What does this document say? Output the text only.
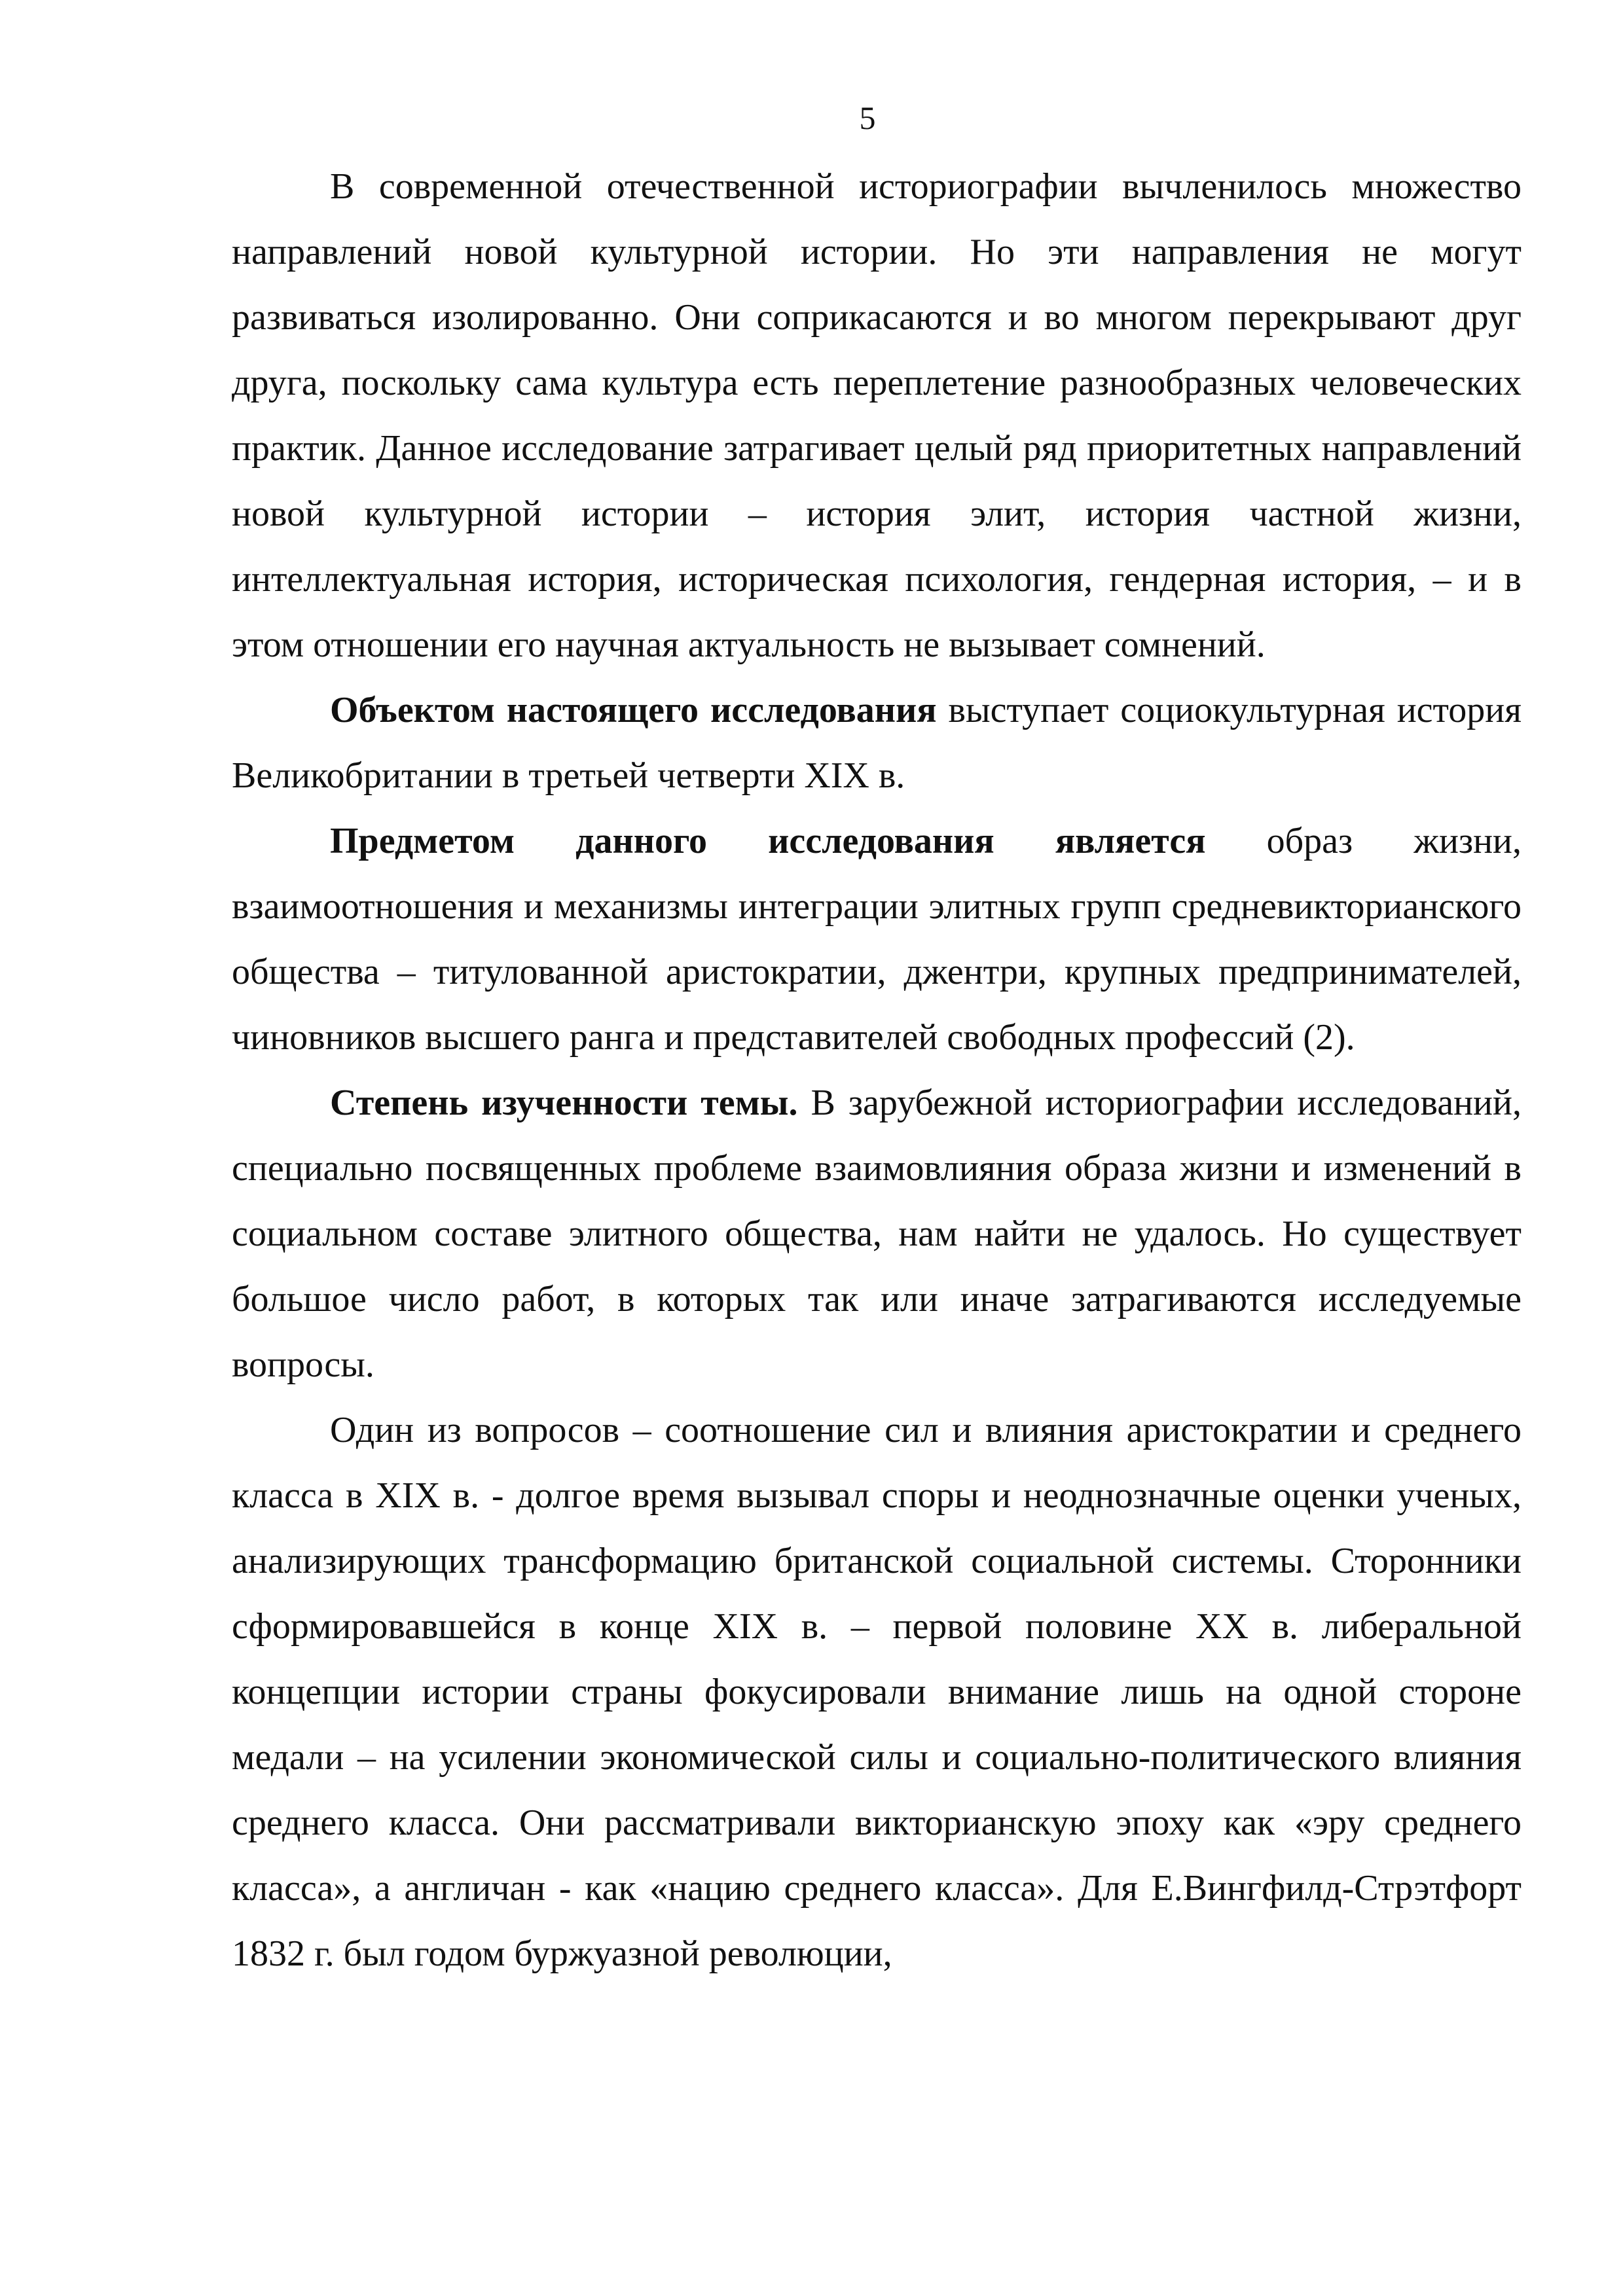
5

В современной отечественной историографии вычленилось множество направлений новой культурной истории. Но эти направления не могут развиваться изолированно. Они соприкасаются и во многом перекрывают друг друга, поскольку сама культура есть переплетение разнообразных человеческих практик. Данное исследование затрагивает целый ряд приоритетных направлений новой культурной истории – история элит, история частной жизни, интеллектуальная история, историческая психология, гендерная история, – и в этом отношении его научная актуальность не вызывает сомнений.

Объектом настоящего исследования выступает социокультурная история Великобритании в третьей четверти XIX в.

Предметом данного исследования является образ жизни, взаимоотношения и механизмы интеграции элитных групп средневикторианского общества – титулованной аристократии, джентри, крупных предпринимателей, чиновников высшего ранга и представителей свободных профессий (2).

Степень изученности темы. В зарубежной историографии исследований, специально посвященных проблеме взаимовлияния образа жизни и изменений в социальном составе элитного общества, нам найти не удалось. Но существует большое число работ, в которых так или иначе затрагиваются исследуемые вопросы.

Один из вопросов – соотношение сил и влияния аристократии и среднего класса в XIX в. - долгое время вызывал споры и неоднозначные оценки ученых, анализирующих трансформацию британской социальной системы. Сторонники сформировавшейся в конце XIX в. – первой половине XX в. либеральной концепции истории страны фокусировали внимание лишь на одной стороне медали – на усилении экономической силы и социально-политического влияния среднего класса. Они рассматривали викторианскую эпоху как «эру среднего класса», а англичан - как «нацию среднего класса». Для Е.Вингфилд-Стрэтфорт 1832 г. был годом буржуазной революции,
